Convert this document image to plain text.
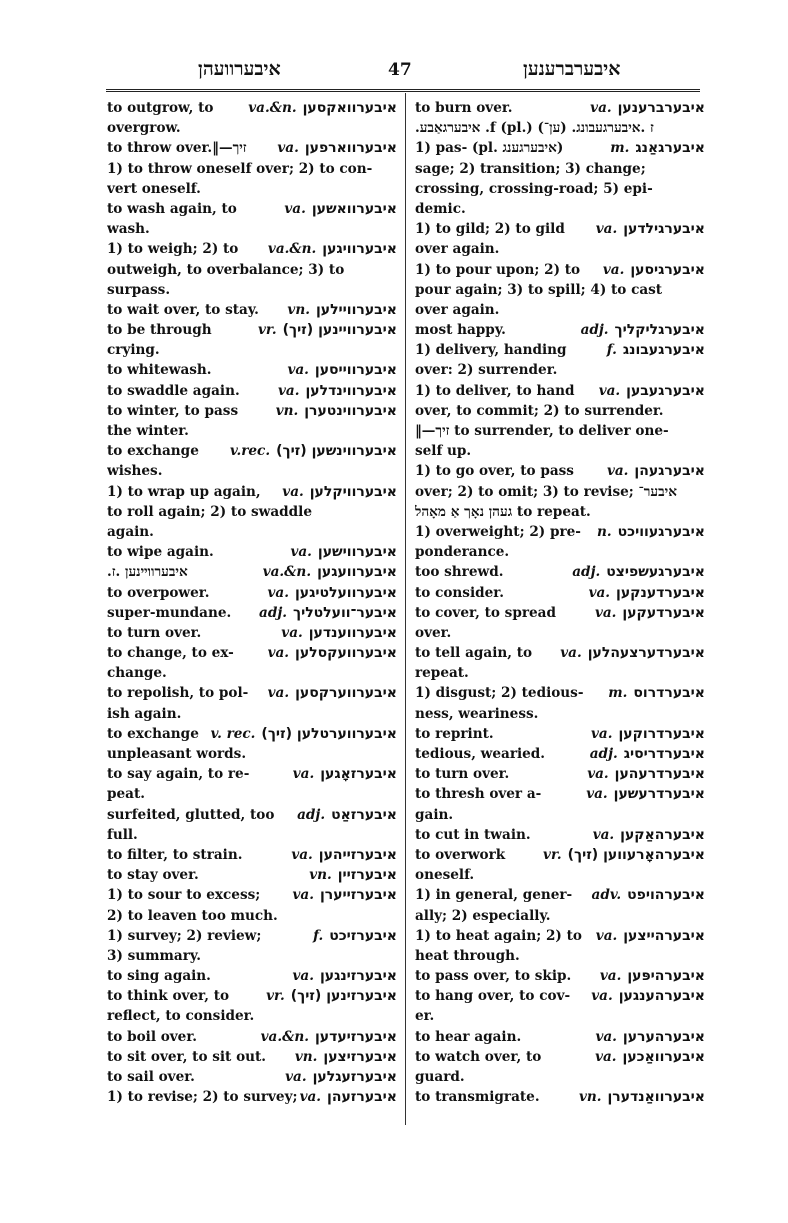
איבערוועהן	47	איבערברענען
to outgrow, to	va.&n. איבערוואקסען
overgrow.
to throw over.‖—זיך	va. איבערווארפען
1) to throw oneself over; 2) to con-
vert oneself.
to wash again, to	va. איבערוואשען
wash.
1) to weigh; 2) to	va.&n. איבערוויגען
outweigh, to overbalance; 3) to
surpass.
to wait over, to stay.	vn. איבערוויילען
to be through	vr. איבערוויינען (זיך)
crying.
to whitewash.	va. איבערווייסען
to swaddle again.	va. איבערווינדלען
to winter, to pass	vn. איבערווינטערן
the winter.
to exchange	v.rec. איבערווינשען (זיך)
wishes.
1) to wrap up again,	va. איבערוויקלען
to roll again; 2) to swaddle
again.
to wipe again.	va. איבערווישען
.איבערווײנען .ז	va.&n. איבערוועגען
to overpower.	va. איבערוועלטיגען
super-mundane.	adj. איבער־וועלטליך
to turn over.	va. איבערווענדען
to change, to ex-	va. איבערוועקסלען
change.
to repolish, to pol-	va. איבערווערקסען
ish again.
to exchange v. rec. איבערווערטלען (זיך)
unpleasant words.
to say again, to re-	va. איבערזאָגען
peat.
surfeited, glutted, too	adj. איבערזאַט
full.
to filter, to strain.	va. איבערזייהען
to stay over.	vn. איבערזיין
1) to sour to excess;	va. איבערזייערן
2) to leaven too much.
1) survey; 2) review;	f. איבערזיכט
3) summary.
to sing again.	va. איבערזינגען
to think over, to	vr. איבערזינען (זיך)
reflect, to consider.
to boil over.	va.&n. איבערזיעדען
to sit over, to sit out.	vn. איבערזיצען
to sail over.	va. איבערזעגלען
1) to revise; 2) to survey; va. איבערזעהן
to burn over.	va. איבערברענען
.איבערגאַבע .f (pl.) (ען־) .ז .איבערגעבונג
1) pas- (pl. איבערגענג)	m. איבערגאַנג
sage; 2) transition; 3) change;
crossing, crossing-road; 5) epi-
demic.
1) to gild; 2) to gild	va. איבערגילדען
over again.
1) to pour upon; 2) to	va. איבערגיסען
pour again; 3) to spill; 4) to cast
over again.
most happy.	adj. איבערגליקליך
1) delivery, handing	f. איבערגעבונג
over: 2) surrender.
1) to deliver, to hand	va. איבערגעבען
over, to commit; 2) to surrender.
‖—זיך to surrender, to deliver one-
self up.
1) to go over, to pass	va. איבערגעהן
over; 2) to omit; 3) to revise; איבער־
געהן נאָך אַ מאָהל to repeat.
1) overweight; 2) pre-	n. איבערגעוויכט
ponderance.
too shrewd.	adj. איבערגעשפיצט
to consider.	va. איבערדענקען
to cover, to spread	va. איבערדעקען
over.
to tell again, to	va. איבערדערצעהלען
repeat.
1) disgust; 2) tedious-	m. איבערדרוס
ness, weariness.
to reprint.	va. איבערדרוקען
tedious, wearied.	adj. איבערדריסיג
to turn over.	va. איבערדרעהען
to thresh over a-	va. איבערדרעשען
gain.
to cut in twain.	va. איבערהאַקען
to overwork	vr. איבערהאָרעווען (זיך)
oneself.
1) in general, gener-	adv. איבערהויפט
ally; 2) especially.
1) to heat again; 2) to	va. איבערהייצען
heat through.
to pass over, to skip.	va. איבערהיפּען
to hang over, to cov-	va. איבערהענגען
er.
to hear again.	va. איבערהערען
to watch over, to	va. איבערוואַכען
guard.
to transmigrate.	vn. איבערוואַנדערן
